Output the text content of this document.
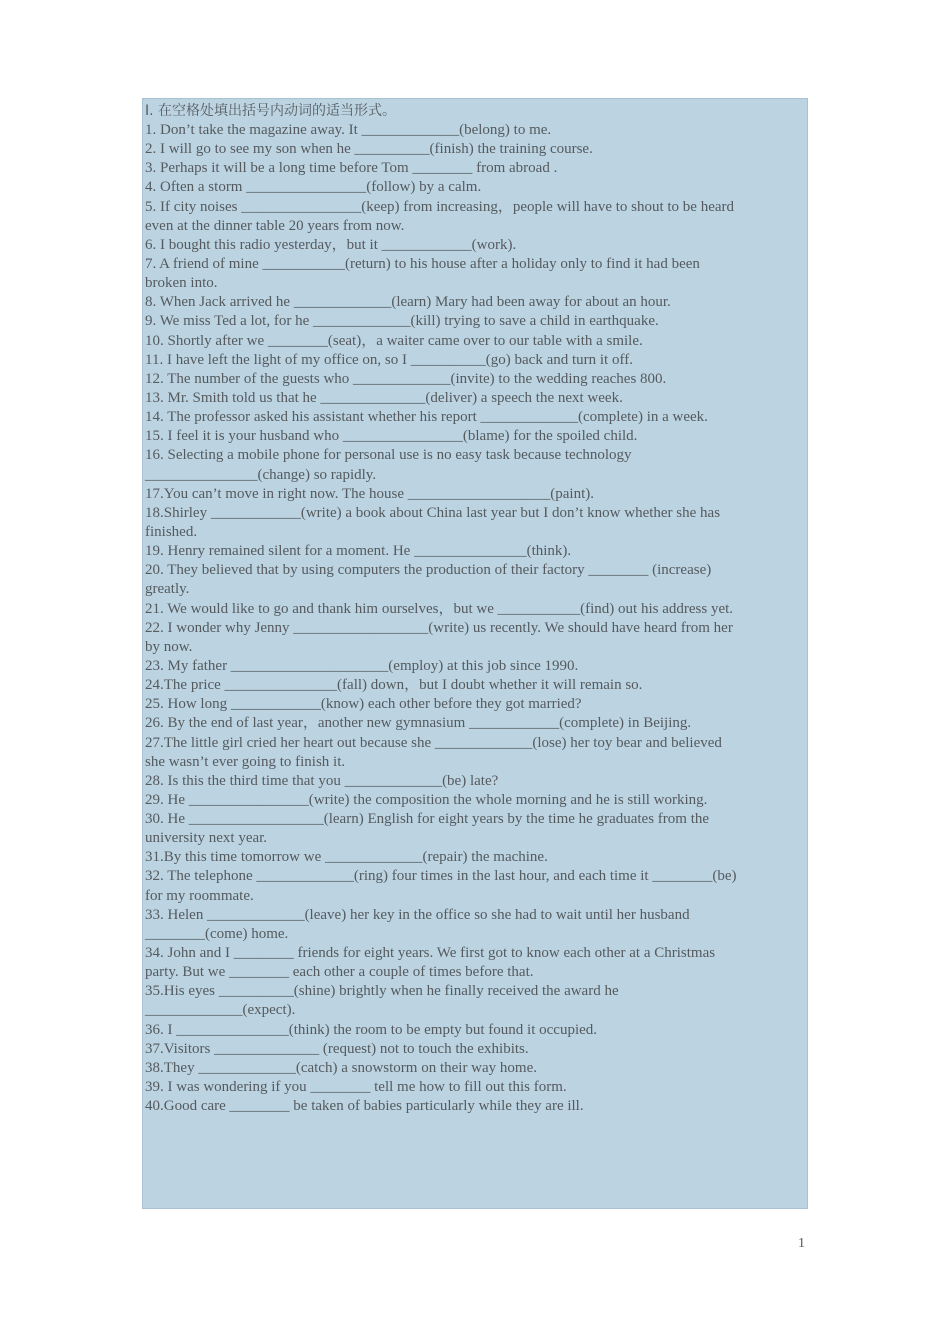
I. 在空格处填出括号内动词的适当形式。

1. Don’t take the magazine away. It _____________(belong) to me.

2. I will go to see my son when he __________(finish) the training course.

3. Perhaps it will be a long time before Tom ________ from abroad .

4. Often a storm ________________(follow) by a calm.

5. If city noises ________________(keep) from increasing，people will have to shout to be heard

even at the dinner table 20 years from now.

6. I bought this radio yesterday，but it ____________(work).

7. A friend of mine ___________(return) to his house after a holiday only to find it had been

broken into.

8. When Jack arrived he _____________(learn) Mary had been away for about an hour.

9. We miss Ted a lot, for he _____________(kill) trying to save a child in earthquake.

10. Shortly after we ________(seat)，a waiter came over to our table with a smile.

11. I have left the light of my office on, so I __________(go) back and turn it off.

12. The number of the guests who _____________(invite) to the wedding reaches 800.

13. Mr. Smith told us that he ______________(deliver) a speech the next week.

14. The professor asked his assistant whether his report _____________(complete) in a week.

15. I feel it is your husband who ________________(blame) for the spoiled child.

16. Selecting a mobile phone for personal use is no easy task because technology

_______________(change) so rapidly.

17.You can’t move in right now. The house ___________________(paint).

18.Shirley ____________(write) a book about China last year but I don’t know whether she has

finished.

19. Henry remained silent for a moment. He _______________(think).

20. They believed that by using computers the production of their factory ________ (increase)

greatly.

21. We would like to go and thank him ourselves，but we ___________(find) out his address yet.

22. I wonder why Jenny __________________(write) us recently. We should have heard from her

by now.

23. My father _____________________(employ) at this job since 1990.

24.The price _______________(fall) down，but I doubt whether it will remain so.

25. How long ____________(know) each other before they got married?

26. By the end of last year，another new gymnasium ____________(complete) in Beijing.

27.The little girl cried her heart out because she _____________(lose) her toy bear and believed

she wasn’t ever going to finish it.

28. Is this the third time that you _____________(be) late?

29. He ________________(write) the composition the whole morning and he is still working.

30. He __________________(learn) English for eight years by the time he graduates from the

university next year.

31.By this time tomorrow we _____________(repair) the machine.

32. The telephone _____________(ring) four times in the last hour, and each time it ________(be)

for my roommate.

33. Helen _____________(leave) her key in the office so she had to wait until her husband

________(come) home.

34. John and I ________ friends for eight years. We first got to know each other at a Christmas

party. But we ________ each other a couple of times before that.

35.His eyes __________(shine) brightly when he finally received the award he

_____________(expect).

36. I _______________(think) the room to be empty but found it occupied.

37.Visitors ______________ (request) not to touch the exhibits.

38.They _____________(catch) a snowstorm on their way home.

39. I was wondering if you ________ tell me how to fill out this form.

40.Good care ________ be taken of babies particularly while they are ill.

1
